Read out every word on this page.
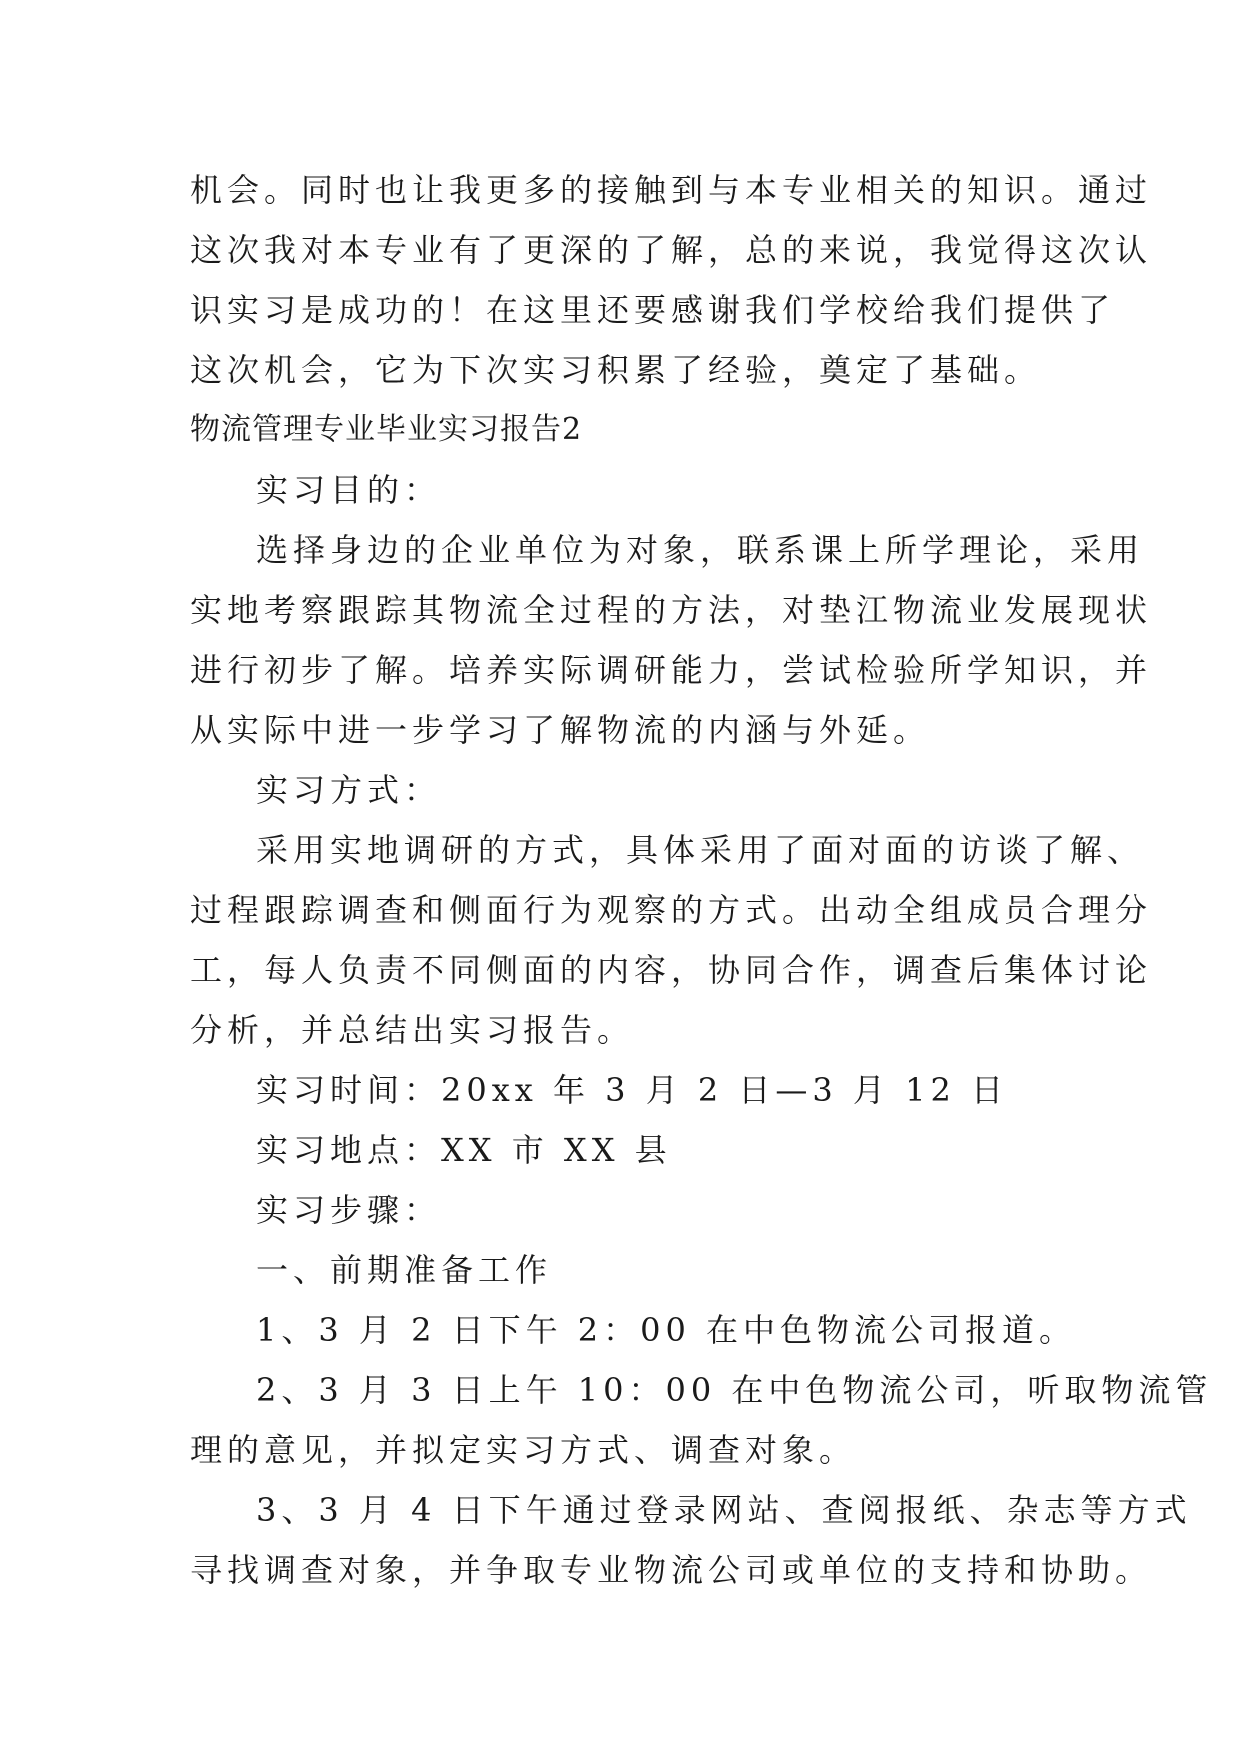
机会。同时也让我更多的接触到与本专业相关的知识。通过

这次我对本专业有了更深的了解，总的来说，我觉得这次认

识实习是成功的！在这里还要感谢我们学校给我们提供了

这次机会，它为下次实习积累了经验，奠定了基础。

物流管理专业毕业实习报告2

实习目的：

选择身边的企业单位为对象，联系课上所学理论，采用

实地考察跟踪其物流全过程的方法，对垫江物流业发展现状

进行初步了解。培养实际调研能力，尝试检验所学知识，并

从实际中进一步学习了解物流的内涵与外延。

实习方式：

采用实地调研的方式，具体采用了面对面的访谈了解、

过程跟踪调查和侧面行为观察的方式。出动全组成员合理分

工，每人负责不同侧面的内容，协同合作，调查后集体讨论

分析，并总结出实习报告。

实习时间：20xx 年 3 月 2 日—3 月 12 日

实习地点：XX 市 XX 县

实习步骤：

一、前期准备工作

1、3 月 2 日下午 2：00 在中色物流公司报道。

2、3 月 3 日上午 10：00 在中色物流公司，听取物流管

理的意见，并拟定实习方式、调查对象。

3、3 月 4 日下午通过登录网站、查阅报纸、杂志等方式

寻找调查对象，并争取专业物流公司或单位的支持和协助。
